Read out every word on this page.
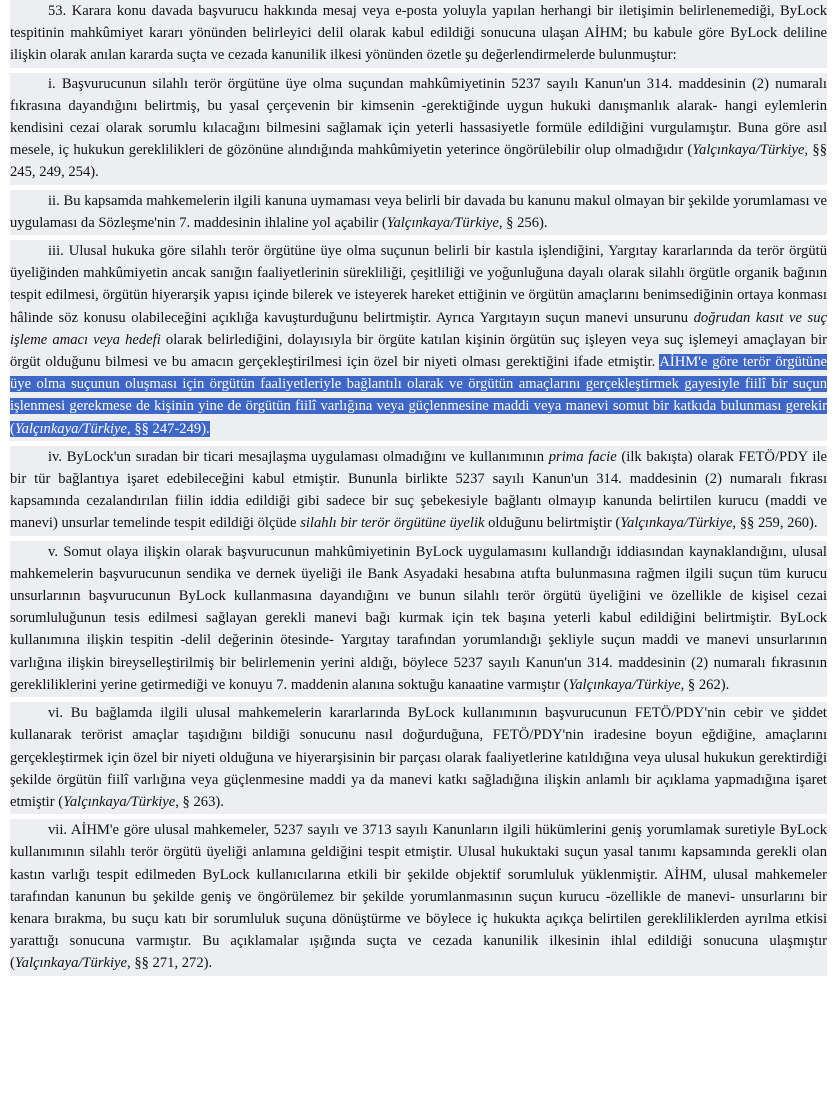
53. Karara konu davada başvurucu hakkında mesaj veya e-posta yoluyla yapılan herhangi bir iletişimin belirlenemediği, ByLock tespitinin mahkûmiyet kararı yönünden belirleyici delil olarak kabul edildiği sonucuna ulaşan AİHM; bu kabule göre ByLock deliline ilişkin olarak anılan kararda suçta ve cezada kanunilik ilkesi yönünden özetle şu değerlendirmelerde bulunmuştur:

i. Başvurucunun silahlı terör örgütüne üye olma suçundan mahkûmiyetinin 5237 sayılı Kanun'un 314. maddesinin (2) numaralı fıkrasına dayandığını belirtmiş, bu yasal çerçevenin bir kimsenin -gerektiğinde uygun hukuki danışmanlık alarak- hangi eylemlerin kendisini cezai olarak sorumlu kılacağını bilmesini sağlamak için yeterli hassasiyetle formüle edildiğini vurgulamıştır. Buna göre asıl mesele, iç hukukun gereklilikleri de gözönüne alındığında mahkûmiyetin yeterince öngörülebilir olup olmadığıdır (Yalçınkaya/Türkiye, §§ 245, 249, 254).

ii. Bu kapsamda mahkemelerin ilgili kanuna uymaması veya belirli bir davada bu kanunu makul olmayan bir şekilde yorumlaması ve uygulaması da Sözleşme'nin 7. maddesinin ihlaline yol açabilir (Yalçınkaya/Türkiye, § 256).

iii. Ulusal hukuka göre silahlı terör örgütüne üye olma suçunun belirli bir kastıla işlendiğini, Yargıtay kararlarında da terör örgütü üyeliğinden mahkûmiyetin ancak sanığın faaliyetlerinin sürekliliği, çeşitliliği ve yoğunluğuna dayalı olarak silahlı örgütle organik bağının tespit edilmesi, örgütün hiyerarşik yapısı içinde bilerek ve isteyerek hareket ettiğinin ve örgütün amaçlarını benimsediğinin ortaya konması hâlinde söz konusu olabileceğini açıklığa kavuşturduğunu belirtmiştir. Ayrıca Yargıtayın suçun manevi unsurunu doğrudan kasıt ve suç işleme amacı veya hedefi olarak belirlediğini, dolayısıyla bir örgüte katılan kişinin örgütün suç işleyen veya suç işlemeyi amaçlayan bir örgüt olduğunu bilmesi ve bu amacın gerçekleştirilmesi için özel bir niyeti olması gerektiğini ifade etmiştir. AİHM'e göre terör örgütüne üye olma suçunun oluşması için örgütün faaliyetleriyle bağlantılı olarak ve örgütün amaçlarını gerçekleştirmek gayesiyle fiilî bir suçun işlenmesi gerekmese de kişinin yine de örgütün fiilî varlığına veya güçlenmesine maddi veya manevi somut bir katkıda bulunması gerekir (Yalçınkaya/Türkiye, §§ 247-249).

iv. ByLock'un sıradan bir ticari mesajlaşma uygulaması olmadığını ve kullanımının prima facie (ilk bakışta) olarak FETÖ/PDY ile bir tür bağlantıya işaret edebileceğini kabul etmiştir. Bununla birlikte 5237 sayılı Kanun'un 314. maddesinin (2) numaralı fıkrası kapsamında cezalandırılan fiilin iddia edildiği gibi sadece bir suç şebekesiyle bağlantı olmayıp kanunda belirtilen kurucu (maddi ve manevi) unsurlar temelinde tespit edildiği ölçüde silahlı bir terör örgütüne üyelik olduğunu belirtmiştir (Yalçınkaya/Türkiye, §§ 259, 260).

v. Somut olaya ilişkin olarak başvurucunun mahkûmiyetinin ByLock uygulamasını kullandığı iddiasından kaynaklandığını, ulusal mahkemelerin başvurucunun sendika ve dernek üyeliği ile Bank Asyadaki hesabına atıfta bulunmasına rağmen ilgili suçun tüm kurucu unsurlarının başvurucunun ByLock kullanmasına dayandığını ve bunun silahlı terör örgütü üyeliğini ve özellikle de kişisel cezai sorumluluğunun tesis edilmesi sağlayan gerekli manevi bağı kurmak için tek başına yeterli kabul edildiğini belirtmiştir. ByLock kullanımına ilişkin tespitin -delil değerinin ötesinde- Yargıtay tarafından yorumlandığı şekliyle suçun maddi ve manevi unsurlarının varlığına ilişkin bireyselleştirilmiş bir belirlemenin yerini aldığı, böylece 5237 sayılı Kanun'un 314. maddesinin (2) numaralı fıkrasının gerekliliklerini yerine getirmediği ve konuyu 7. maddenin alanına soktuğu kanaatine varmıştır (Yalçınkaya/Türkiye, § 262).

vi. Bu bağlamda ilgili ulusal mahkemelerin kararlarında ByLock kullanımının başvurucunun FETÖ/PDY'nin cebir ve şiddet kullanarak terörist amaçlar taşıdığını bildiği sonucunu nasıl doğurduğuna, FETÖ/PDY'nin iradesine boyun eğdiğine, amaçlarını gerçekleştirmek için özel bir niyeti olduğuna ve hiyerarşisinin bir parçası olarak faaliyetlerine katıldığına veya ulusal hukukun gerektirdiği şekilde örgütün fiilî varlığına veya güçlenmesine maddi ya da manevi katkı sağladığına ilişkin anlamlı bir açıklama yapmadığına işaret etmiştir (Yalçınkaya/Türkiye, § 263).

vii. AİHM'e göre ulusal mahkemeler, 5237 sayılı ve 3713 sayılı Kanunların ilgili hükümlerini geniş yorumlamak suretiyle ByLock kullanımının silahlı terör örgütü üyeliği anlamına geldiğini tespit etmiştir. Ulusal hukuktaki suçun yasal tanımı kapsamında gerekli olan kastın varlığı tespit edilmeden ByLock kullanıcılarına etkili bir şekilde objektif sorumluluk yüklenmiştir. AİHM, ulusal mahkemeler tarafından kanunun bu şekilde geniş ve öngörülemez bir şekilde yorumlanmasının suçun kurucu -özellikle de manevi- unsurlarını bir kenara bırakma, bu suçu katı bir sorumluluk suçuna dönüştürme ve böylece iç hukukta açıkça belirtilen gerekliliklerden ayrılma etkisi yarattığı sonucuna varmıştır. Bu açıklamalar ışığında suçta ve cezada kanunilik ilkesinin ihlal edildiği sonucuna ulaşmıştır (Yalçınkaya/Türkiye, §§ 271, 272).
